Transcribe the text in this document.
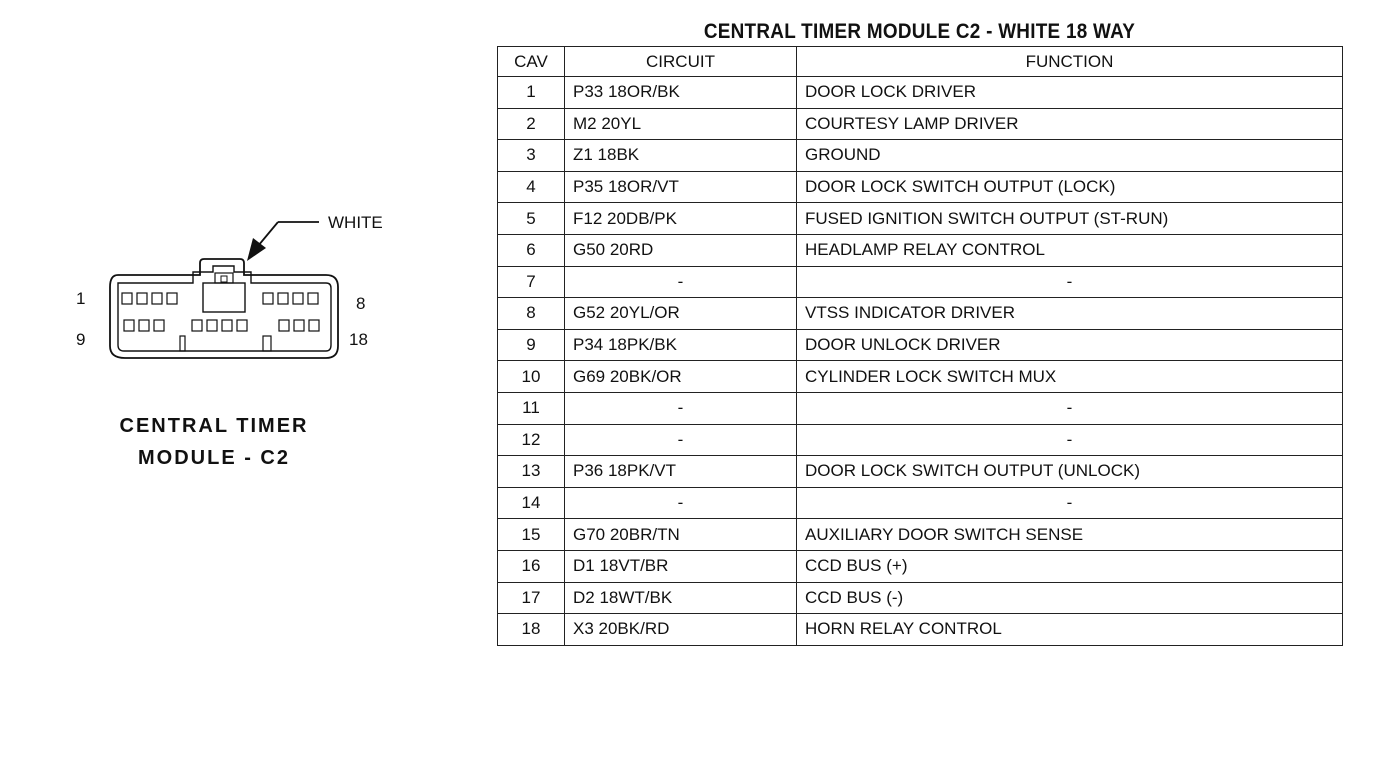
WHITE
1	8
9	18
CENTRAL TIMER
MODULE - C2
CENTRAL TIMER MODULE C2 - WHITE 18 WAY
CAV	CIRCUIT	FUNCTION
1	P33 18OR/BK	DOOR LOCK DRIVER
2	M2 20YL	COURTESY LAMP DRIVER
3	Z1 18BK	GROUND
4	P35 18OR/VT	DOOR LOCK SWITCH OUTPUT (LOCK)
5	F12 20DB/PK	FUSED IGNITION SWITCH OUTPUT (ST-RUN)
6	G50 20RD	HEADLAMP RELAY CONTROL
7	-	-
8	G52 20YL/OR	VTSS INDICATOR DRIVER
9	P34 18PK/BK	DOOR UNLOCK DRIVER
10	G69 20BK/OR	CYLINDER LOCK SWITCH MUX
11	-	-
12	-	-
13	P36 18PK/VT	DOOR LOCK SWITCH OUTPUT (UNLOCK)
14	-	-
15	G70 20BR/TN	AUXILIARY DOOR SWITCH SENSE
16	D1 18VT/BR	CCD BUS (+)
17	D2 18WT/BK	CCD BUS (-)
18	X3 20BK/RD	HORN RELAY CONTROL
